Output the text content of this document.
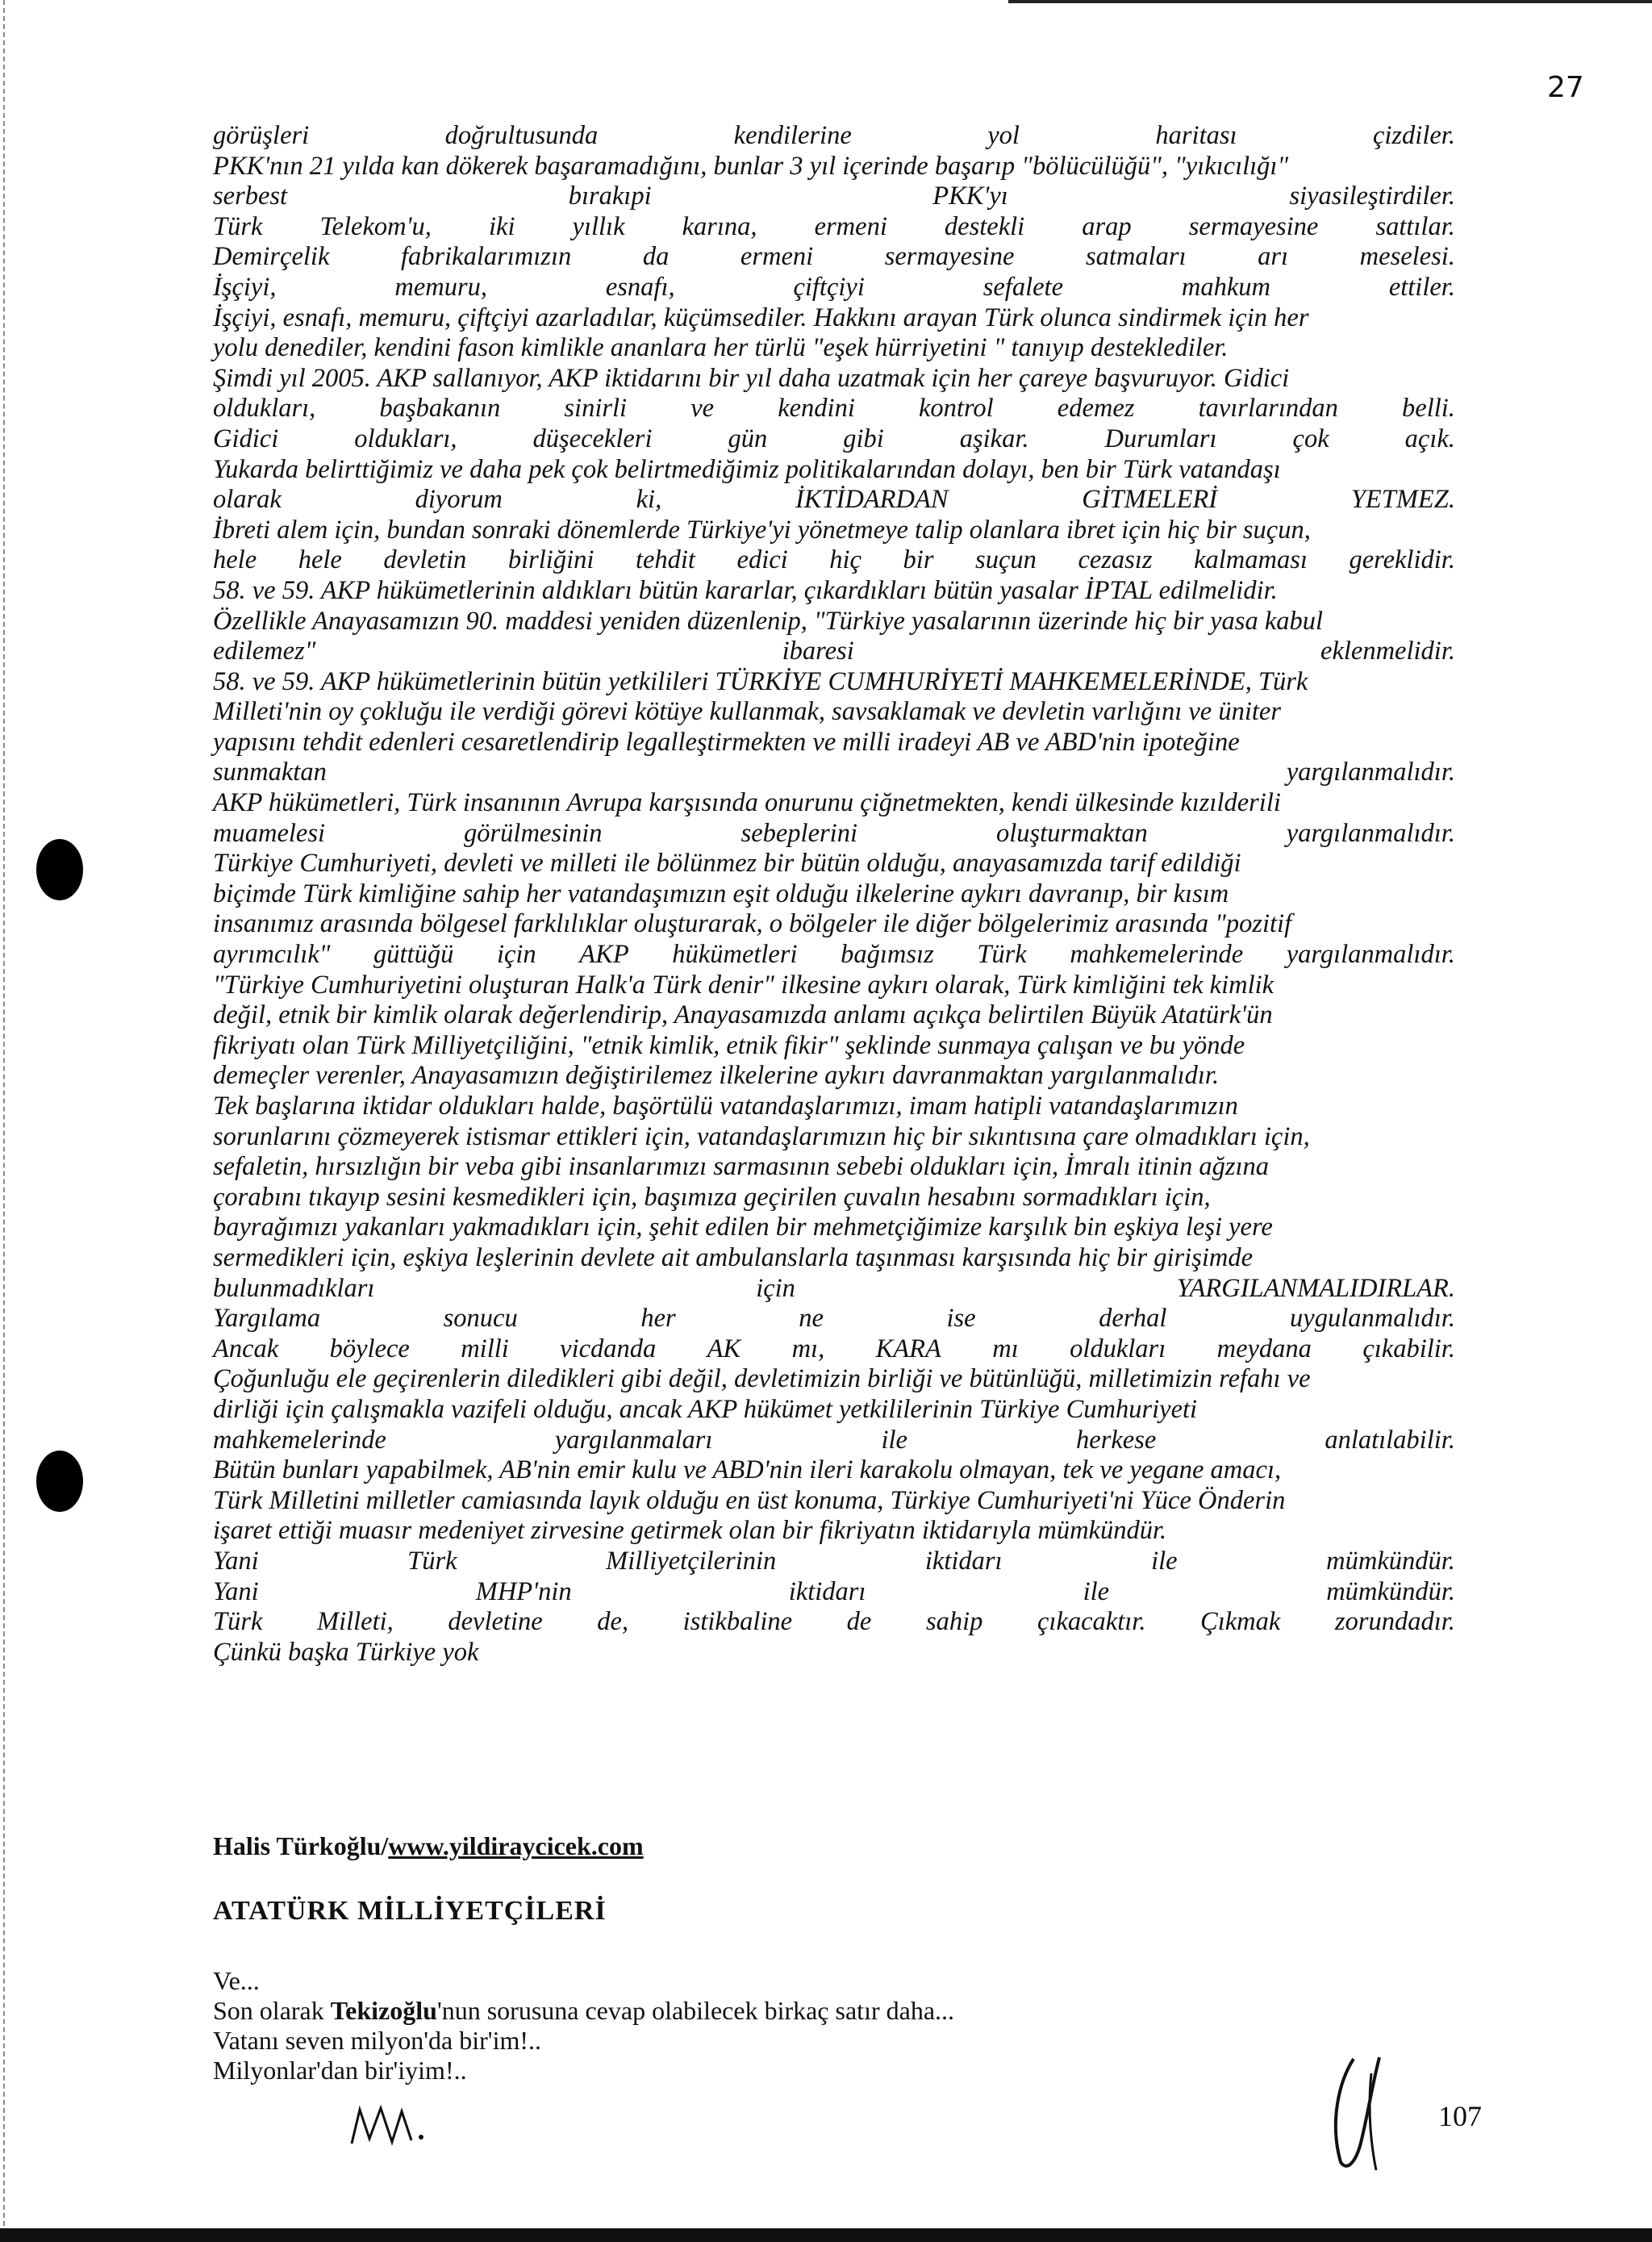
27
görüşleri	doğrultusunda	kendilerine	yol	haritası	çizdiler.
PKK'nın 21 yılda kan dökerek başaramadığını, bunlar 3 yıl içerinde başarıp "bölücülüğü", "yıkıcılığı"
serbest	bırakıpi	PKK'yı	siyasileştirdiler.
Türk Telekom'u, iki yıllık karına, ermeni destekli arap sermayesine sattılar.
Demirçelik	fabrikalarımızın	da	ermeni	sermayesine	satmaları	arı	meselesi.
İşçiyi,	memuru,	esnafı,	çiftçiyi	sefalete	mahkum	ettiler.
İşçiyi, esnafı, memuru, çiftçiyi azarladılar, küçümsediler. Hakkını arayan Türk olunca sindirmek için her
yolu denediler, kendini fason kimlikle ananlara her türlü "eşek hürriyetini " tanıyıp desteklediler.
Şimdi yıl 2005. AKP sallanıyor, AKP iktidarını bir yıl daha uzatmak için her çareye başvuruyor. Gidici
oldukları, başbakanın sinirli ve kendini kontrol edemez tavırlarından belli.
Gidici	oldukları,	düşecekleri	gün	gibi	aşikar.	Durumları	çok	açık.
Yukarda belirttiğimiz ve daha pek çok belirtmediğimiz politikalarından dolayı, ben bir Türk vatandaşı
olarak	diyorum	ki,	İKTİDARDAN	GİTMELERİ	YETMEZ.
İbreti alem için, bundan sonraki dönemlerde Türkiye'yi yönetmeye talip olanlara ibret için hiç bir suçun,
hele hele devletin birliğini tehdit edici hiç bir suçun cezasız kalmaması gereklidir.
58. ve 59. AKP hükümetlerinin aldıkları bütün kararlar, çıkardıkları bütün yasalar İPTAL edilmelidir.
Özellikle Anayasamızın 90. maddesi yeniden düzenlenip, "Türkiye yasalarının üzerinde hiç bir yasa kabul
edilemez"	ibaresi	eklenmelidir.
58. ve 59. AKP hükümetlerinin bütün yetkilileri TÜRKİYE CUMHURİYETİ MAHKEMELERİNDE, Türk
Milleti'nin oy çokluğu ile verdiği görevi kötüye kullanmak, savsaklamak ve devletin varlığını ve üniter
yapısını tehdit edenleri cesaretlendirip legalleştirmekten ve milli iradeyi AB ve ABD'nin ipoteğine
sunmaktan	yargılanmalıdır.
AKP hükümetleri, Türk insanının Avrupa karşısında onurunu çiğnetmekten, kendi ülkesinde kızılderili
muamelesi	görülmesinin	sebeplerini	oluşturmaktan	yargılanmalıdır.
Türkiye Cumhuriyeti, devleti ve milleti ile bölünmez bir bütün olduğu, anayasamızda tarif edildiği
biçimde Türk kimliğine sahip her vatandaşımızın eşit olduğu ilkelerine aykırı davranıp, bir kısım
insanımız arasında bölgesel farklılıklar oluşturarak, o bölgeler ile diğer bölgelerimiz arasında "pozitif
ayrımcılık" güttüğü için AKP hükümetleri bağımsız Türk mahkemelerinde yargılanmalıdır.
"Türkiye Cumhuriyetini oluşturan Halk'a Türk denir" ilkesine aykırı olarak, Türk kimliğini tek kimlik
değil, etnik bir kimlik olarak değerlendirip, Anayasamızda anlamı açıkça belirtilen Büyük Atatürk'ün
fikriyatı olan Türk Milliyetçiliğini, "etnik kimlik, etnik fikir" şeklinde sunmaya çalışan ve bu yönde
demeçler verenler, Anayasamızın değiştirilemez ilkelerine aykırı davranmaktan yargılanmalıdır.
Tek başlarına iktidar oldukları halde, başörtülü vatandaşlarımızı, imam hatipli vatandaşlarımızın
sorunlarını çözmeyerek istismar ettikleri için, vatandaşlarımızın hiç bir sıkıntısına çare olmadıkları için,
sefaletin, hırsızlığın bir veba gibi insanlarımızı sarmasının sebebi oldukları için, İmralı itinin ağzına
çorabını tıkayıp sesini kesmedikleri için, başımıza geçirilen çuvalın hesabını sormadıkları için,
bayrağımızı yakanları yakmadıkları için, şehit edilen bir mehmetçiğimize karşılık bin eşkiya leşi yere
sermedikleri için, eşkiya leşlerinin devlete ait ambulanslarla taşınması karşısında hiç bir girişimde
bulunmadıkları	için	YARGILANMALIDIRLAR.
Yargılama	sonucu	her	ne	ise	derhal	uygulanmalıdır.
Ancak böylece milli vicdanda AK mı, KARA mı oldukları meydana çıkabilir.
Çoğunluğu ele geçirenlerin diledikleri gibi değil, devletimizin birliği ve bütünlüğü, milletimizin refahı ve
dirliği için çalışmakla vazifeli olduğu, ancak AKP hükümet yetkililerinin Türkiye Cumhuriyeti
mahkemelerinde	yargılanmaları	ile	herkese	anlatılabilir.
Bütün bunları yapabilmek, AB'nin emir kulu ve ABD'nin ileri karakolu olmayan, tek ve yegane amacı,
Türk Milletini milletler camiasında layık olduğu en üst konuma, Türkiye Cumhuriyeti'ni Yüce Önderin
işaret ettiği muasır medeniyet zirvesine getirmek olan bir fikriyatın iktidarıyla mümkündür.
Yani	Türk	Milliyetçilerinin	iktidarı	ile	mümkündür.
Yani	MHP'nin	iktidarı	ile	mümkündür.
Türk Milleti, devletine de, istikbaline de sahip çıkacaktır. Çıkmak zorundadır.
Çünkü başka Türkiye yok
Halis Türkoğlu/www.yildiraycicek.com
ATATÜRK MİLLİYETÇİLERİ
Ve...
Son olarak Tekizoğlu'nun sorusuna cevap olabilecek birkaç satır daha...
Vatanı seven milyon'da bir'im!..
Milyonlar'dan bir'iyim!..
107
